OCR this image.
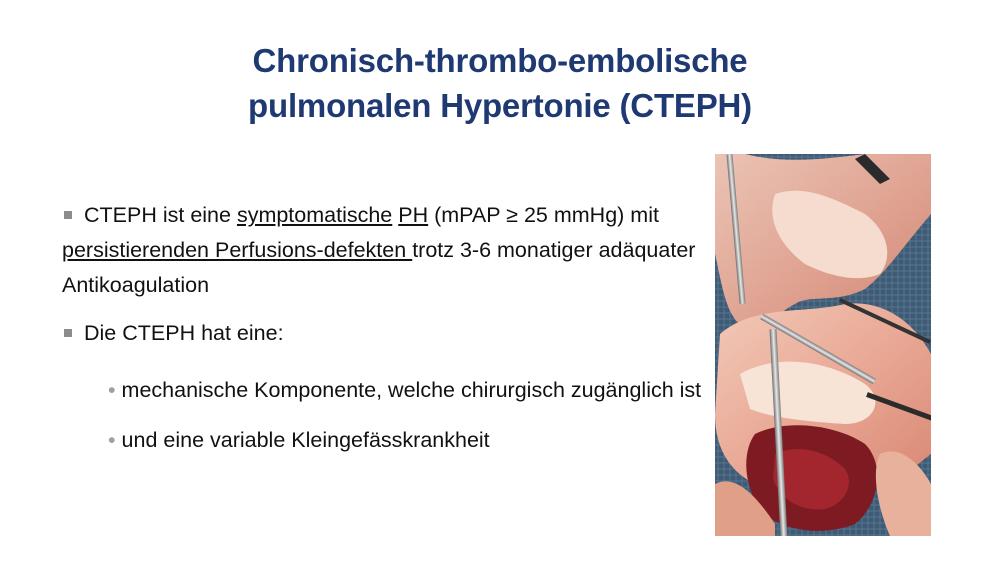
Chronisch-thrombo-embolische
pulmonalen Hypertonie (CTEPH)

CTEPH ist eine symptomatische PH (mPAP ≥ 25 mmHg) mit persistierenden Perfusions-defekten trotz 3-6 monatiger adäquater Antikoagulation

Die CTEPH hat eine:

• mechanische Komponente, welche chirurgisch zugänglich ist

• und eine variable Kleingefässkrankheit
